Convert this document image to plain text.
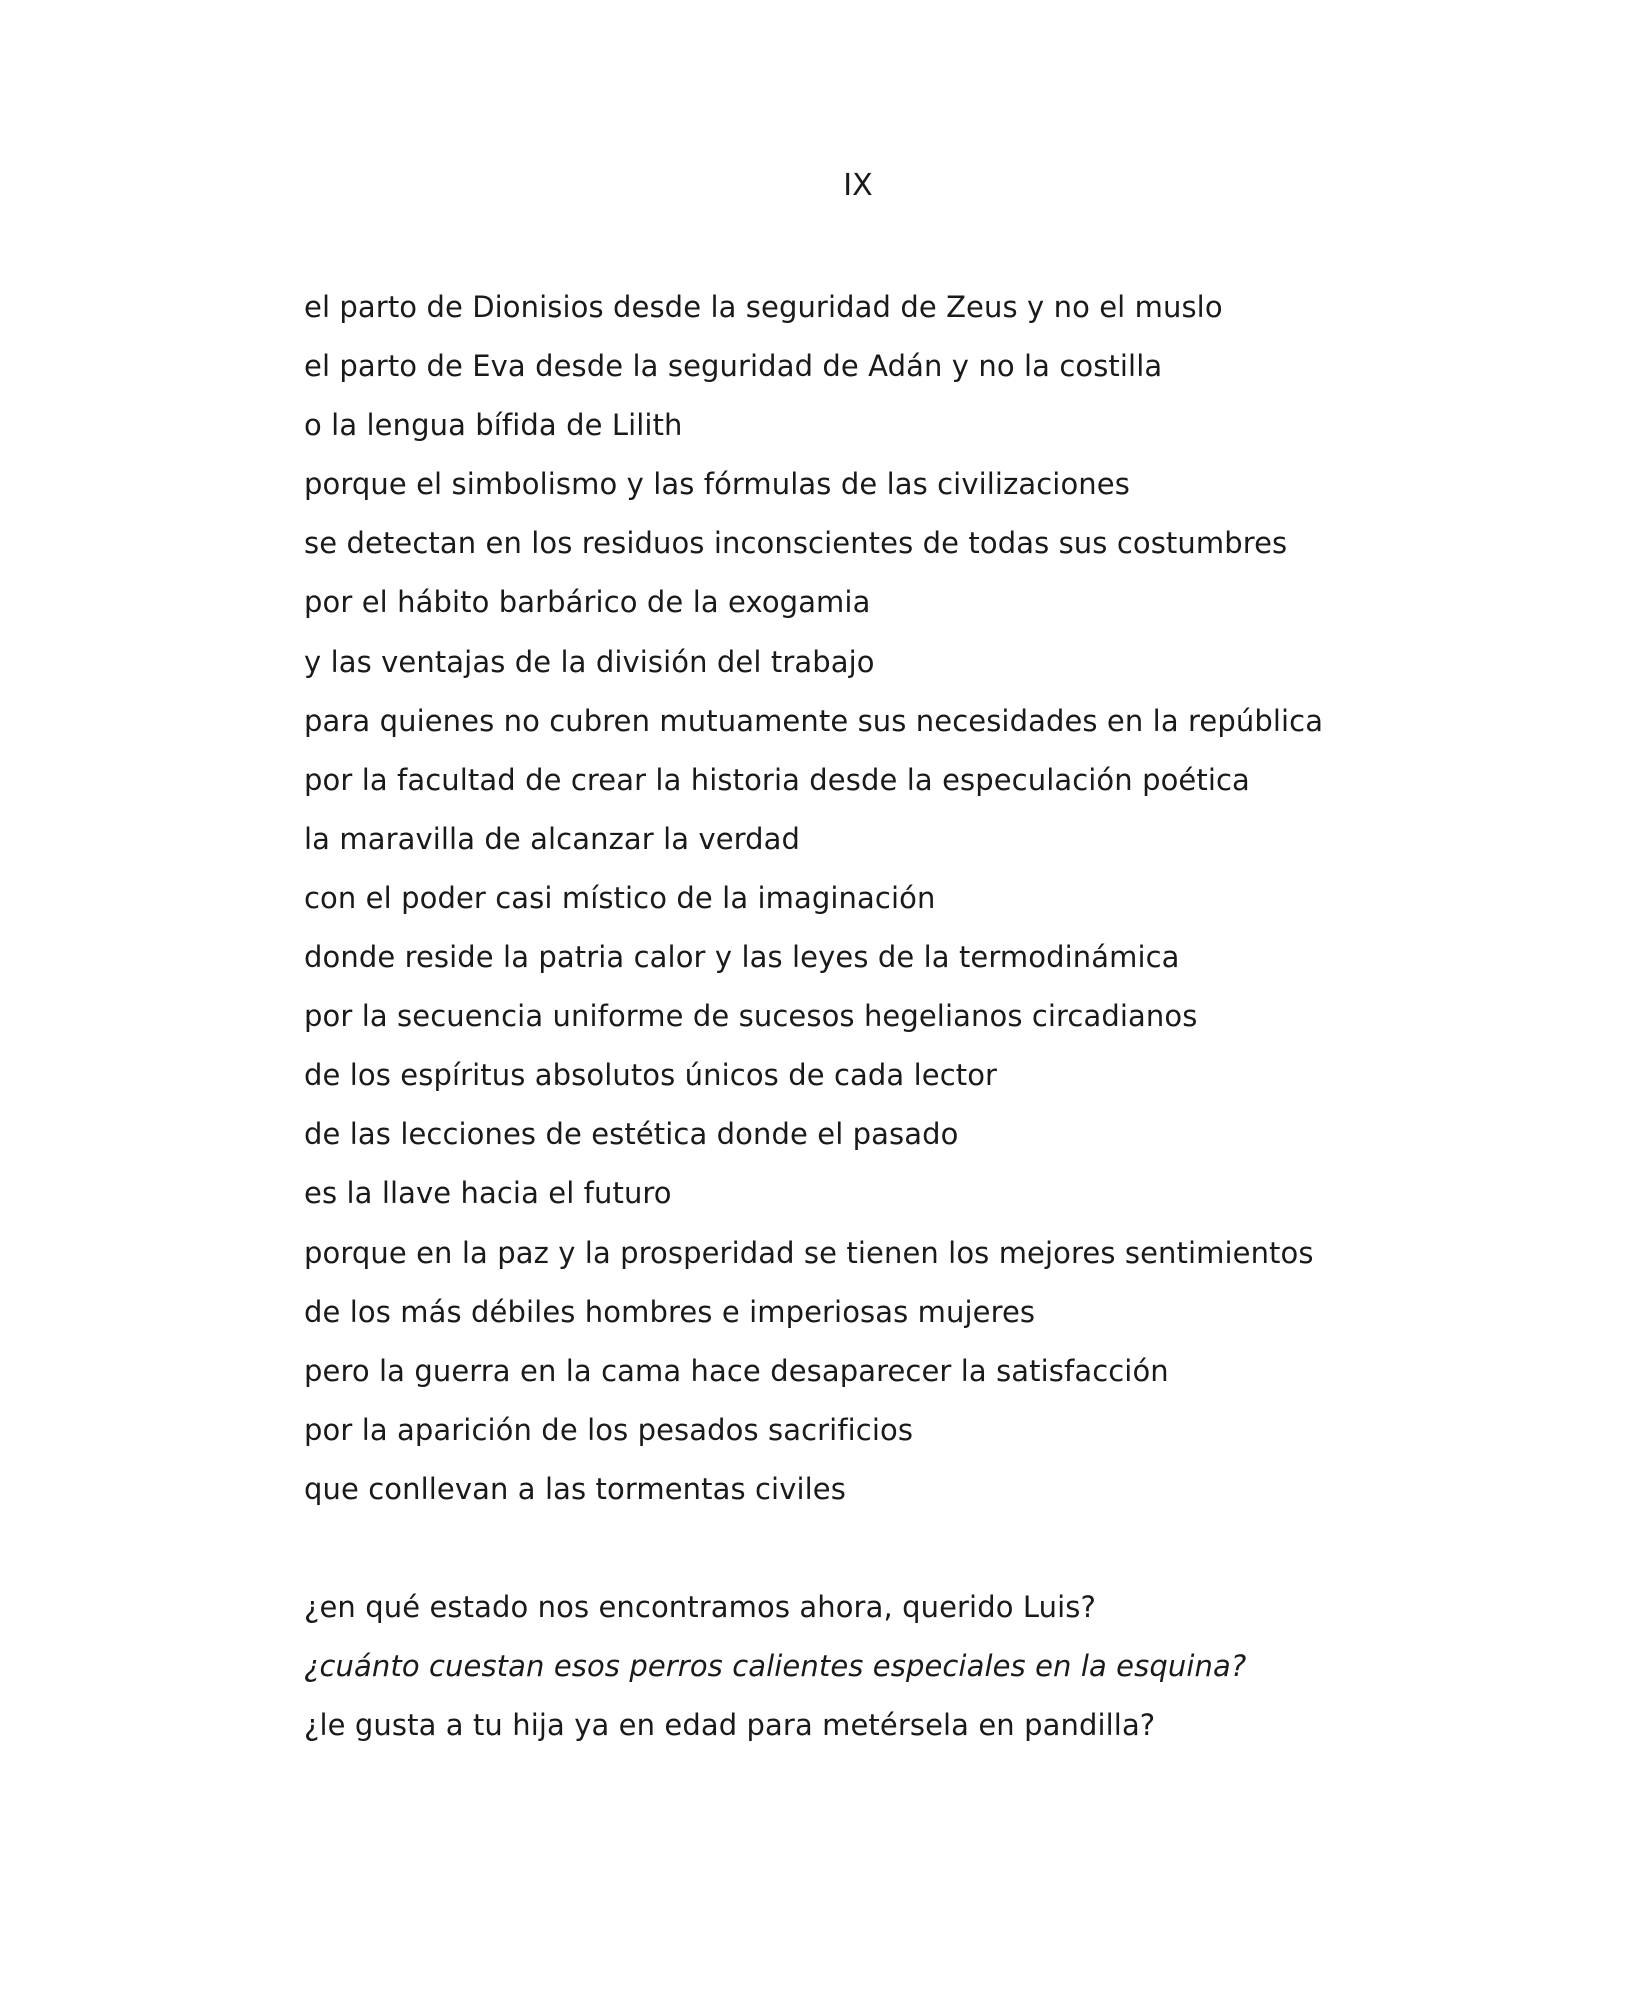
IX
el parto de Dionisios desde la seguridad de Zeus y no el muslo
el parto de Eva desde la seguridad de Adán y no la costilla
o la lengua bífida de Lilith
porque el simbolismo y las fórmulas de las civilizaciones
se detectan en los residuos inconscientes de todas sus costumbres
por el hábito barbárico de la exogamia
y las ventajas de la división del trabajo
para quienes no cubren mutuamente sus necesidades en la república
por la facultad de crear la historia desde la especulación poética
la maravilla de alcanzar la verdad
con el poder casi místico de la imaginación
donde reside la patria calor y las leyes de la termodinámica
por la secuencia uniforme de sucesos hegelianos circadianos
de los espíritus absolutos únicos de cada lector
de las lecciones de estética donde el pasado
es la llave hacia el futuro
porque en la paz y la prosperidad se tienen los mejores sentimientos
de los más débiles hombres e imperiosas mujeres
pero la guerra en la cama hace desaparecer la satisfacción
por la aparición de los pesados sacrificios
que conllevan a las tormentas civiles
¿en qué estado nos encontramos ahora, querido Luis?
¿cuánto cuestan esos perros calientes especiales en la esquina?
¿le gusta a tu hija ya en edad para metérsela en pandilla?
